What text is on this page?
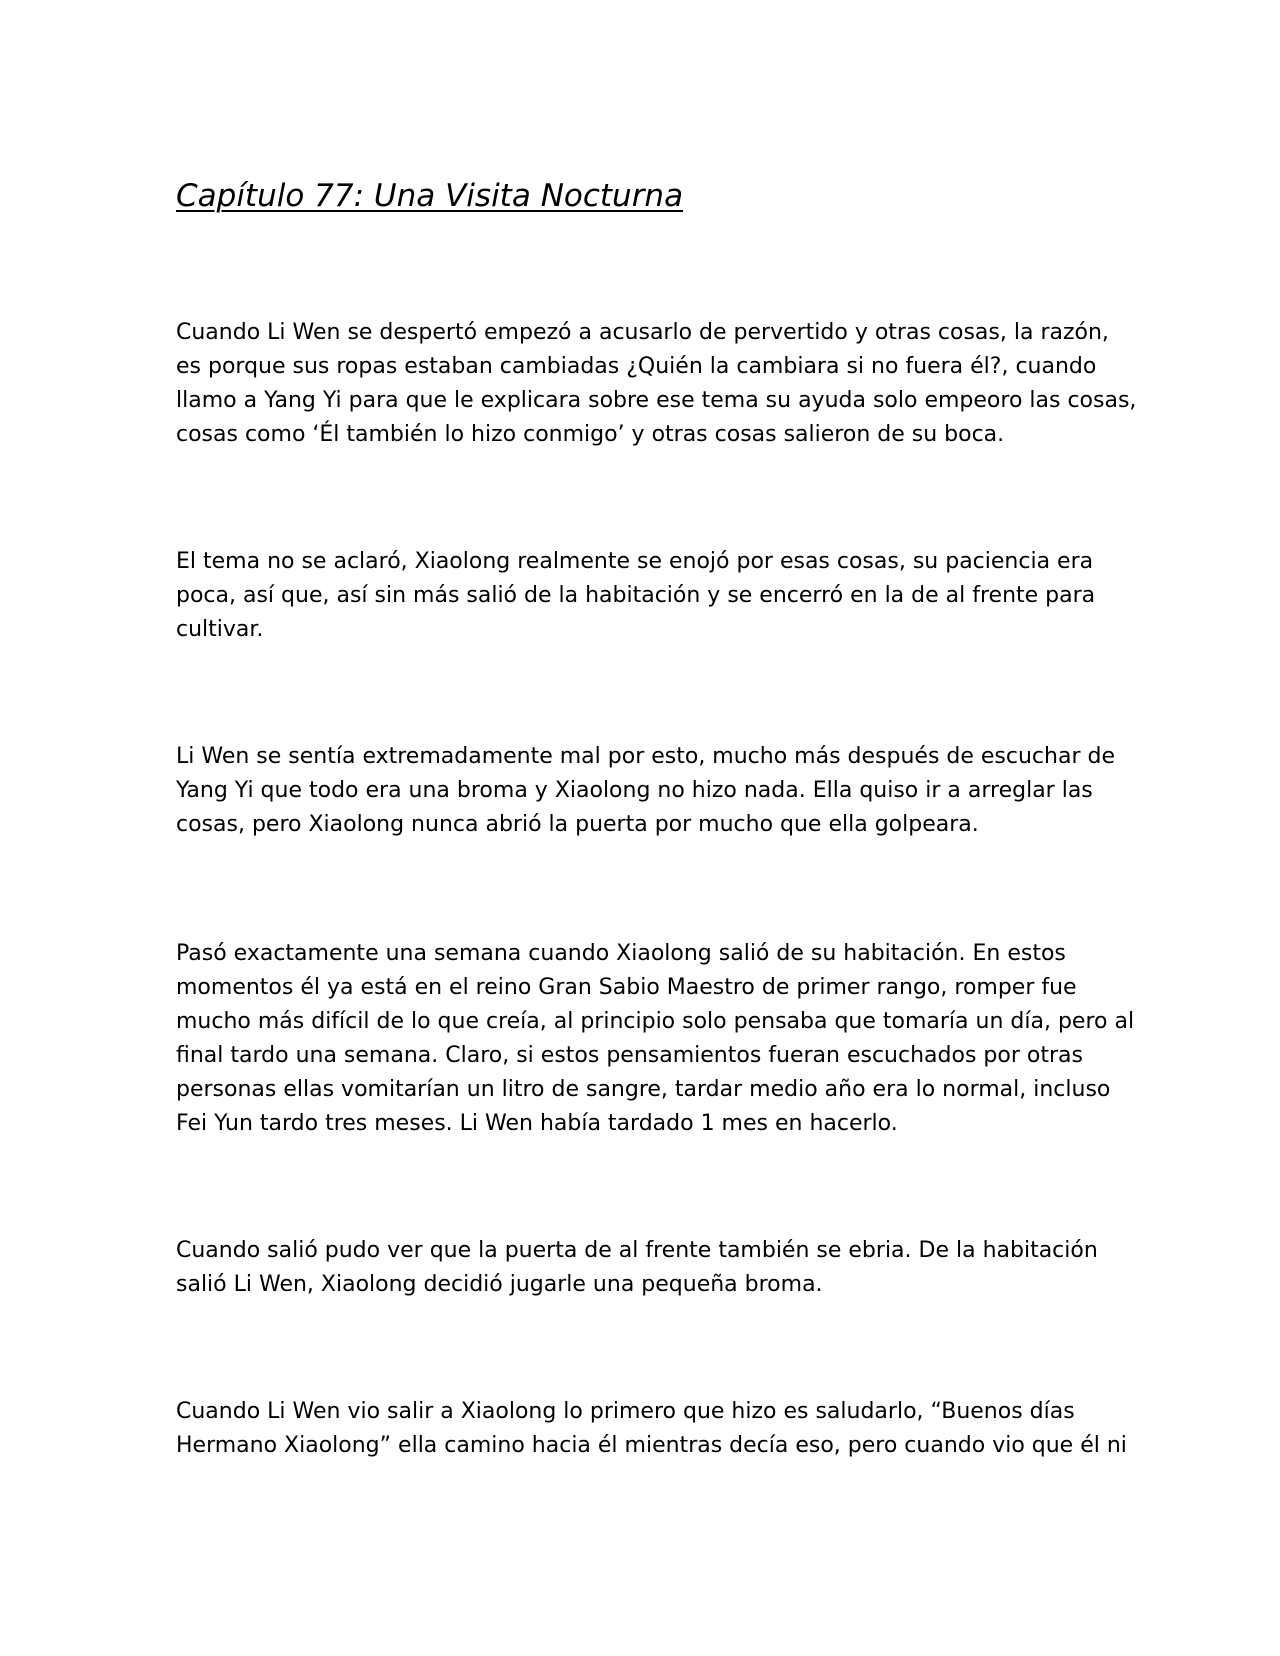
Capítulo 77: Una Visita Nocturna

Cuando Li Wen se despertó empezó a acusarlo de pervertido y otras cosas, la razón,
es porque sus ropas estaban cambiadas ¿Quién la cambiara si no fuera él?, cuando
llamo a Yang Yi para que le explicara sobre ese tema su ayuda solo empeoro las cosas,
cosas como ‘Él también lo hizo conmigo’ y otras cosas salieron de su boca.

El tema no se aclaró, Xiaolong realmente se enojó por esas cosas, su paciencia era
poca, así que, así sin más salió de la habitación y se encerró en la de al frente para
cultivar.

Li Wen se sentía extremadamente mal por esto, mucho más después de escuchar de
Yang Yi que todo era una broma y Xiaolong no hizo nada. Ella quiso ir a arreglar las
cosas, pero Xiaolong nunca abrió la puerta por mucho que ella golpeara.

Pasó exactamente una semana cuando Xiaolong salió de su habitación. En estos
momentos él ya está en el reino Gran Sabio Maestro de primer rango, romper fue
mucho más difícil de lo que creía, al principio solo pensaba que tomaría un día, pero al
final tardo una semana. Claro, si estos pensamientos fueran escuchados por otras
personas ellas vomitarían un litro de sangre, tardar medio año era lo normal, incluso
Fei Yun tardo tres meses. Li Wen había tardado 1 mes en hacerlo.

Cuando salió pudo ver que la puerta de al frente también se ebria. De la habitación
salió Li Wen, Xiaolong decidió jugarle una pequeña broma.

Cuando Li Wen vio salir a Xiaolong lo primero que hizo es saludarlo, “Buenos días
Hermano Xiaolong” ella camino hacia él mientras decía eso, pero cuando vio que él ni
